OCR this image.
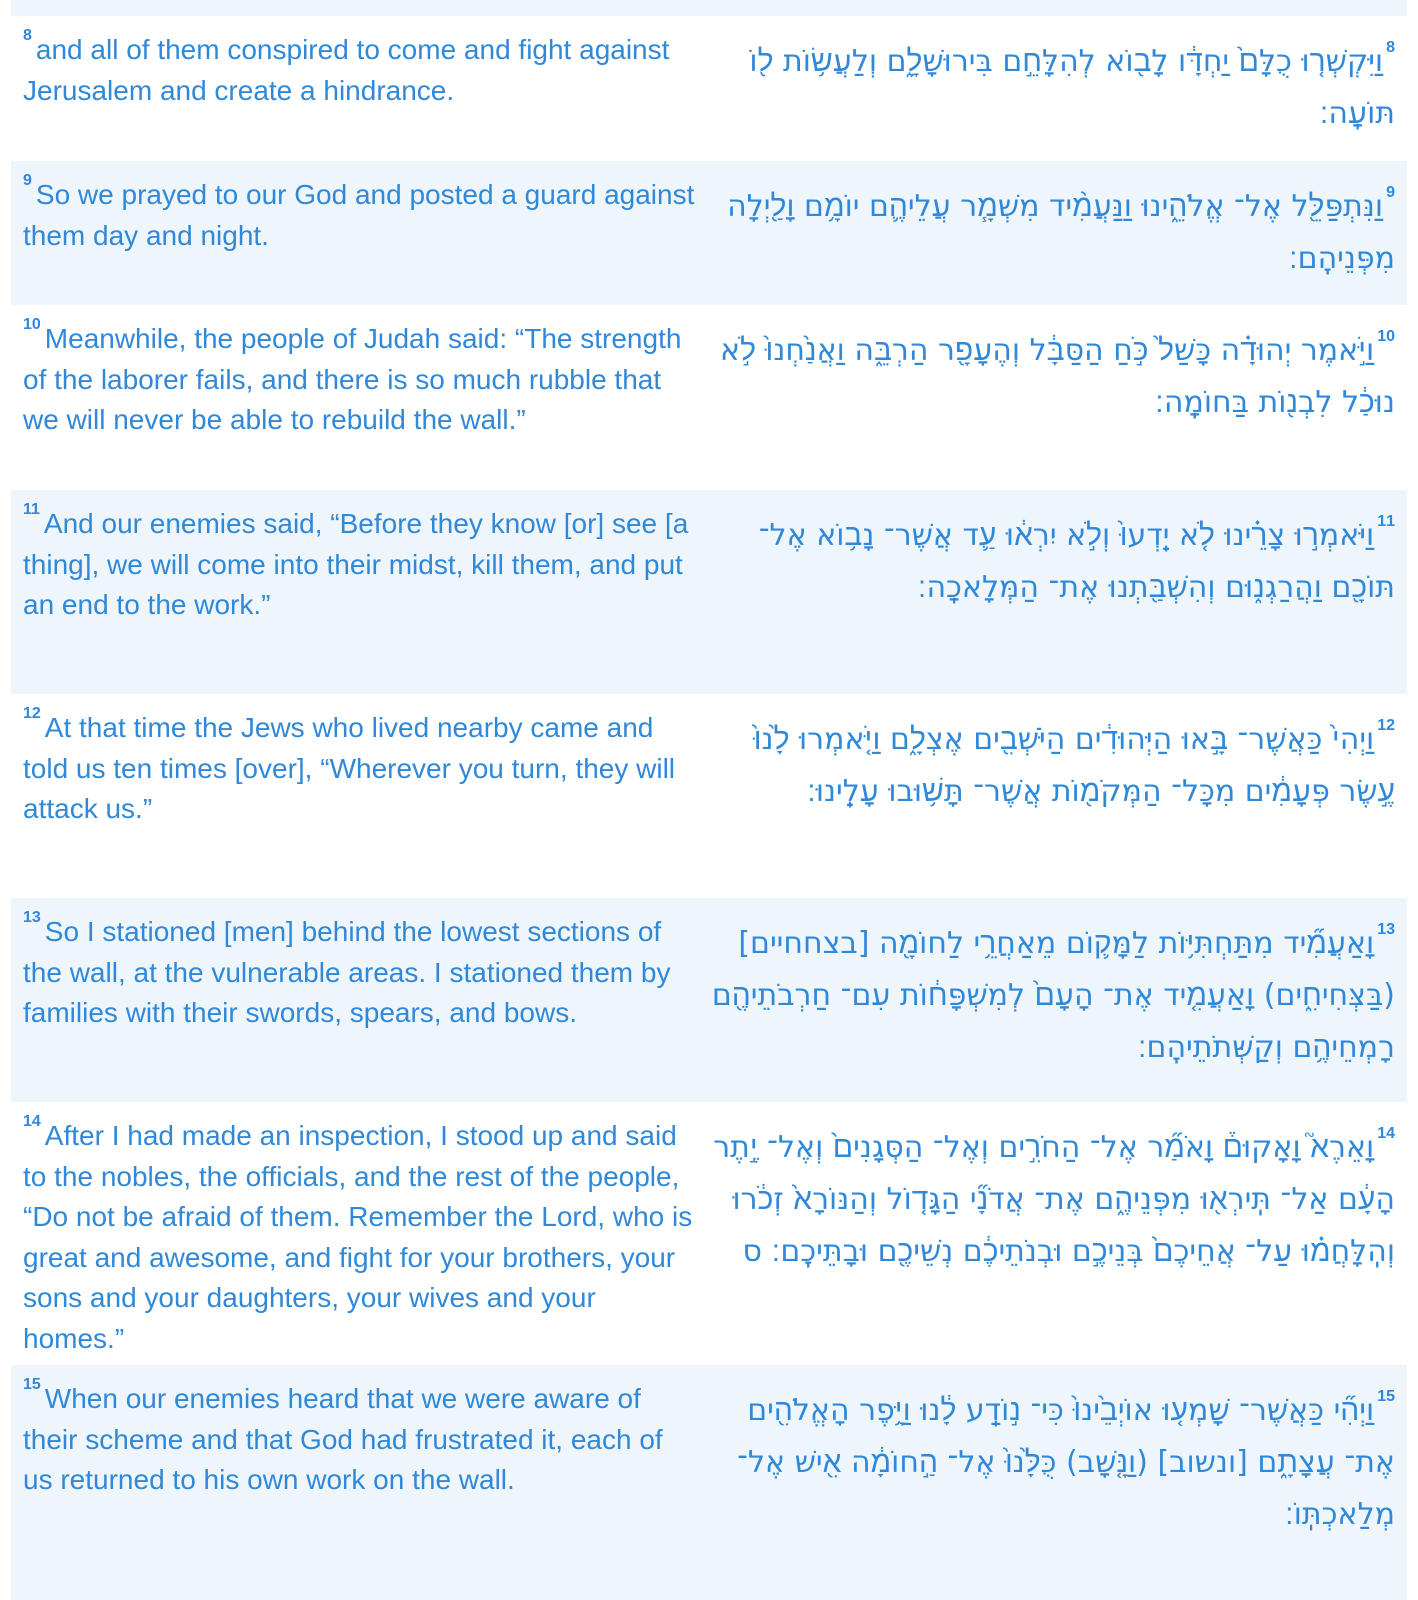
$^8$ and all of them conspired to come and fight against Jerusalem and create a hindrance.
$^8$וַיִּקְשְׁר֤וּ כֻלָּם֙ יַחְדָּ֔ו לָב֖וֹא לְהִלָּחֵ֣ם בִּירוּשָׁלִָ֑ם וְלַעֲשׂ֥וֹת ל֖וֹ תּוֹעָֽה׃
$^9$ So we prayed to our God and posted a guard against them day and night.
$^9$וַנִּתְפַּלֵּ֖ל אֶל־ אֱלֹהֵ֑ינוּ וַנַּעֲמִ֨יד מִשְׁמָ֧ר עֲלֵיהֶ֛ם יוֹמָ֥ם וָלַ֖יְלָה מִפְּנֵיהֶֽם׃
$^{10}$ Meanwhile, the people of Judah said: “The strength of the laborer fails, and there is so much rubble that we will never be able to rebuild the wall.”
$^{10}$וַיֹּ֣אמֶר יְהוּדָ֗ה כָּשַׁל֙ כֹּ֣חַ הַסַּבָּ֔ל וְהֶעָפָ֖ר הַרְבֵּ֑ה וַאֲנַ֙חְנוּ֙ לֹ֣א נוּכַ֔ל לִבְנ֖וֹת בַּחוֹמָֽה׃
$^{11}$ And our enemies said, “Before they know [or] see [a thing], we will come into their midst, kill them, and put an end to the work.”
$^{11}$וַיֹּאמְר֣וּ צָרֵ֗ינוּ לֹ֤א יֵֽדְעוּ֙ וְלֹ֣א יִרְא֔וּ עַ֛ד אֲשֶׁר־ נָב֥וֹא אֶל־ תּוֹכָ֖ם וַהֲרַגְנ֑וּם וְהִשְׁבַּ֖תְנוּ אֶת־ הַמְּלָאכָֽה׃
$^{12}$ At that time the Jews who lived nearby came and told us ten times [over], “Wherever you turn, they will attack us.”
$^{12}$וַיְהִי֙ כַּאֲשֶׁר־ בָּ֣אוּ הַיְּהוּדִ֔ים הַיֹּשְׁבִ֖ים אֶצְלָ֑ם וַיֹּ֤אמְרוּ לָ֙נוּ֙ עֶ֣שֶׂר פְּעָמִ֔ים מִכָּל־ הַמְּקֹמ֖וֹת אֲשֶׁר־ תָּשׁ֥וּבוּ עָלֵֽינוּ׃
$^{13}$ So I stationed [men] behind the lowest sections of the wall, at the vulnerable areas. I stationed them by families with their swords, spears, and bows.
$^{13}$וָאַעֲמִ֞יד מִתַּחְתִּיּ֥וֹת לַמָּק֛וֹם מֵאַחֲרֵ֥י לַחוֹמָ֖ה [בצחחיים] (בַּצְּחִיחִ֑ים) וָאַעֲמִ֤יד אֶת־ הָעָם֙ לְמִשְׁפָּח֔וֹת עִם־ חַרְבֹתֵיהֶ֖ם רָמְחֵיהֶ֥ם וְקַשְּׁתֹתֵיהֶֽם׃
$^{14}$ After I had made an inspection, I stood up and said to the nobles, the officials, and the rest of the people, “Do not be afraid of them. Remember the Lord, who is great and awesome, and fight for your brothers, your sons and your daughters, your wives and your homes.”
$^{14}$וָאֵרֶא֮ וָאָקוּם֒ וָאֹמַ֞ר אֶל־ הַחֹרִ֣ים וְאֶל־ הַסְּגָנִים֙ וְאֶל־ יֶ֣תֶר הָעָ֔ם אַל־ תִּֽירְא֖וּ מִפְּנֵיהֶ֑ם אֶת־ אֲדֹנָ֞י הַגָּד֤וֹל וְהַנּוֹרָא֙ זְכֹ֔רוּ וְהִֽלָּחֲמ֗וּ עַל־ אֲחֵיכֶם֙ בְּנֵיכֶ֣ם וּבְנֹתֵיכֶ֔ם נְשֵׁיכֶ֖ם וּבָתֵּיכֶֽם׃ ס
$^{15}$ When our enemies heard that we were aware of their scheme and that God had frustrated it, each of us returned to his own work on the wall.
$^{15}$וַיְהִ֞י כַּאֲשֶׁר־ שָׁמְע֤וּ אוֹיְבֵ֙ינוּ֙ כִּי־ נ֣וֹדַֽע לָ֔נוּ וַיָּ֥פֶר הָאֱלֹהִ֖ים אֶת־ עֲצָתָ֑ם [ונשוב] (וַנָּ֤שָׁב) כֻּלָּ֙נוּ֙ אֶל־ הַ֣חוֹמָ֔ה אִ֖ישׁ אֶל־ מְלַאכְתּֽוֹ׃
